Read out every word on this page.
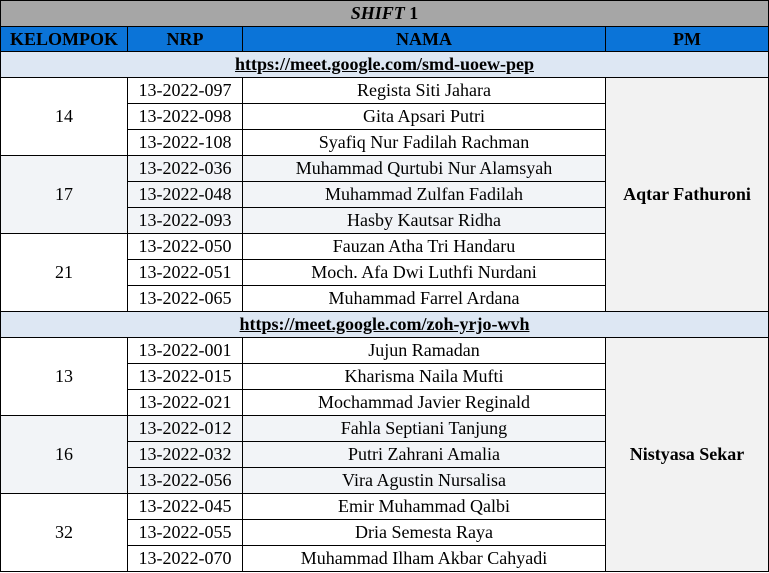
SHIFT 1			
KELOMPOK	NRP	NAMA	PM
https://meet.google.com/smd-uoew-pep			
14	13-2022-097	Regista Siti Jahara	Aqtar Fathuroni
	13-2022-098	Gita Apsari Putri	
	13-2022-108	Syafiq Nur Fadilah Rachman	
17	13-2022-036	Muhammad Qurtubi Nur Alamsyah	
	13-2022-048	Muhammad Zulfan Fadilah	
	13-2022-093	Hasby Kautsar Ridha	
21	13-2022-050	Fauzan Atha Tri Handaru	
	13-2022-051	Moch. Afa Dwi Luthfi Nurdani	
	13-2022-065	Muhammad Farrel Ardana	
https://meet.google.com/zoh-yrjo-wvh			
13	13-2022-001	Jujun Ramadan	Nistyasa Sekar
	13-2022-015	Kharisma Naila Mufti	
	13-2022-021	Mochammad Javier Reginald	
16	13-2022-012	Fahla Septiani Tanjung	
	13-2022-032	Putri Zahrani Amalia	
	13-2022-056	Vira Agustin Nursalisa	
32	13-2022-045	Emir Muhammad Qalbi	
	13-2022-055	Dria Semesta Raya	
	13-2022-070	Muhammad Ilham Akbar Cahyadi	
